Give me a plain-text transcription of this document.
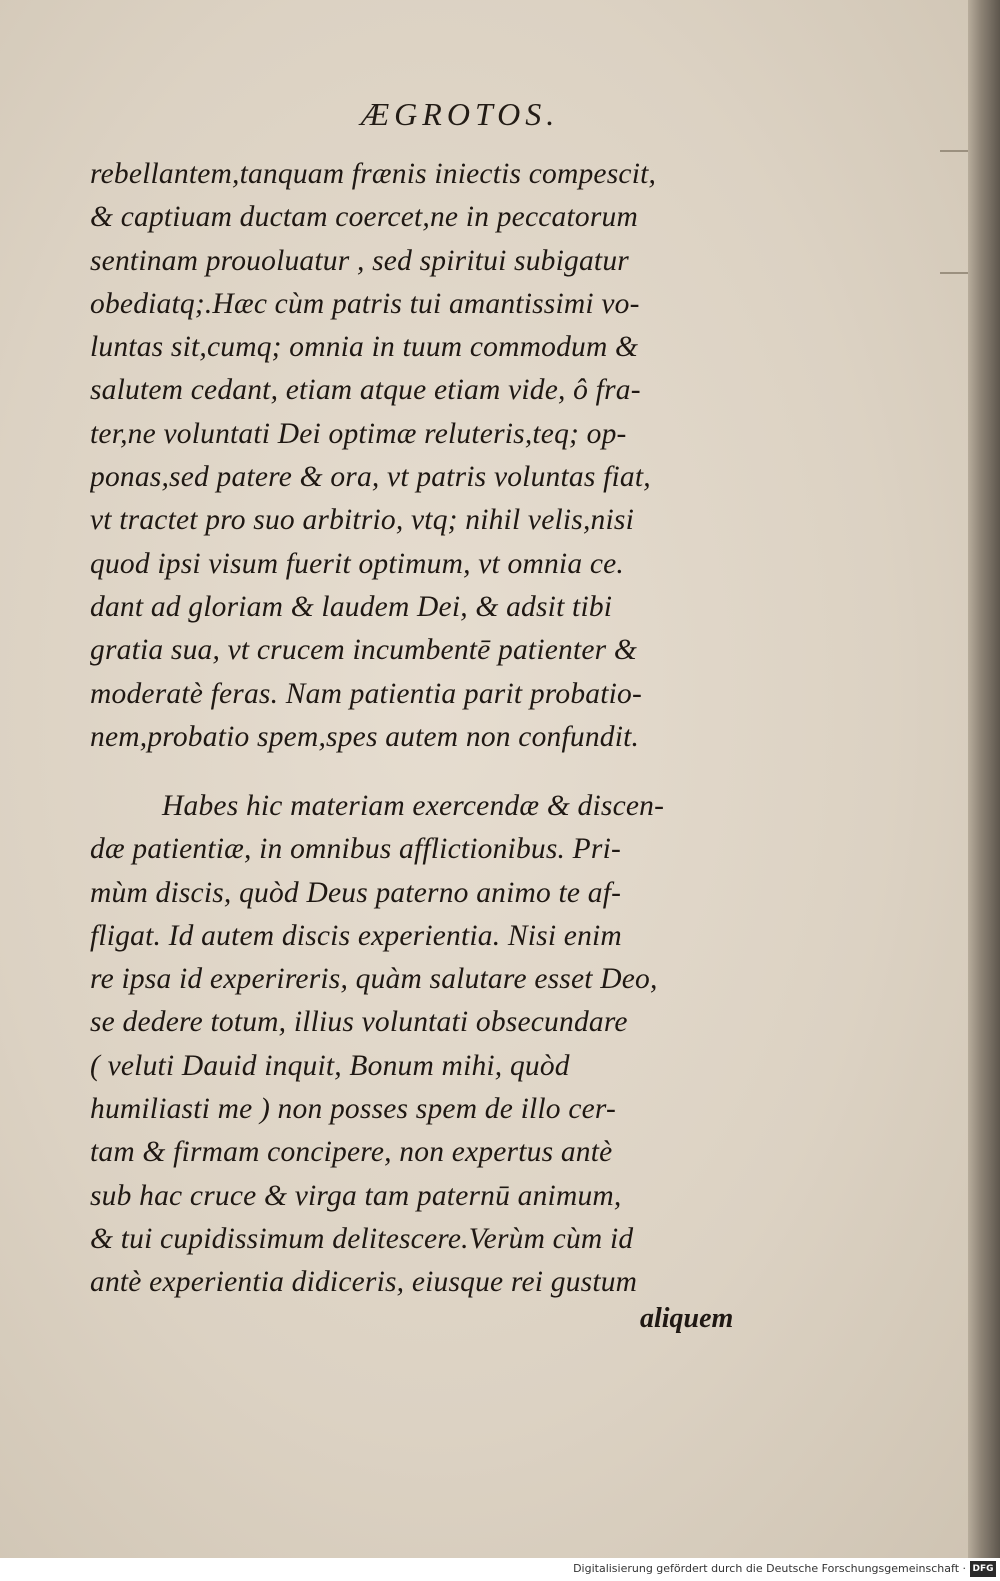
ÆGROTOS.
rebellantem,tanquam frænis iniectis compescit,
& captiuam ductam coercet,ne in peccatorum
sentinam prouoluatur , sed spiritui subigatur
obediatq;.Hæc cùm patris tui amantissimi vo-
luntas sit,cumq; omnia in tuum commodum &
salutem cedant, etiam atque etiam vide, ô fra-
ter,ne voluntati Dei optimæ reluteris,teq; op-
ponas,sed patere & ora, vt patris voluntas fiat,
vt tractet pro suo arbitrio, vtq; nihil velis,nisi
quod ipsi visum fuerit optimum, vt omnia ce.
dant ad gloriam & laudem Dei, & adsit tibi
gratia sua, vt crucem incumbentē patienter &
moderatè feras. Nam patientia parit probatio-
nem,probatio spem,spes autem non confundit.
Habes hic materiam exercendæ & discen-
dæ patientiæ, in omnibus afflictionibus. Pri-
mùm discis, quòd Deus paterno animo te af-
fligat. Id autem discis experientia. Nisi enim
re ipsa id experireris, quàm salutare esset Deo,
se dedere totum, illius voluntati obsecundare
( veluti Dauid inquit, Bonum mihi, quòd
humiliasti me ) non posses spem de illo cer-
tam & firmam concipere, non expertus antè
sub hac cruce & virga tam paternū animum,
& tui cupidissimum delitescere.Verùm cùm id
antè experientia didiceris, eiusque rei gustum
aliquem
Digitalisierung gefördert durch die Deutsche Forschungsgemeinschaft · DFG
